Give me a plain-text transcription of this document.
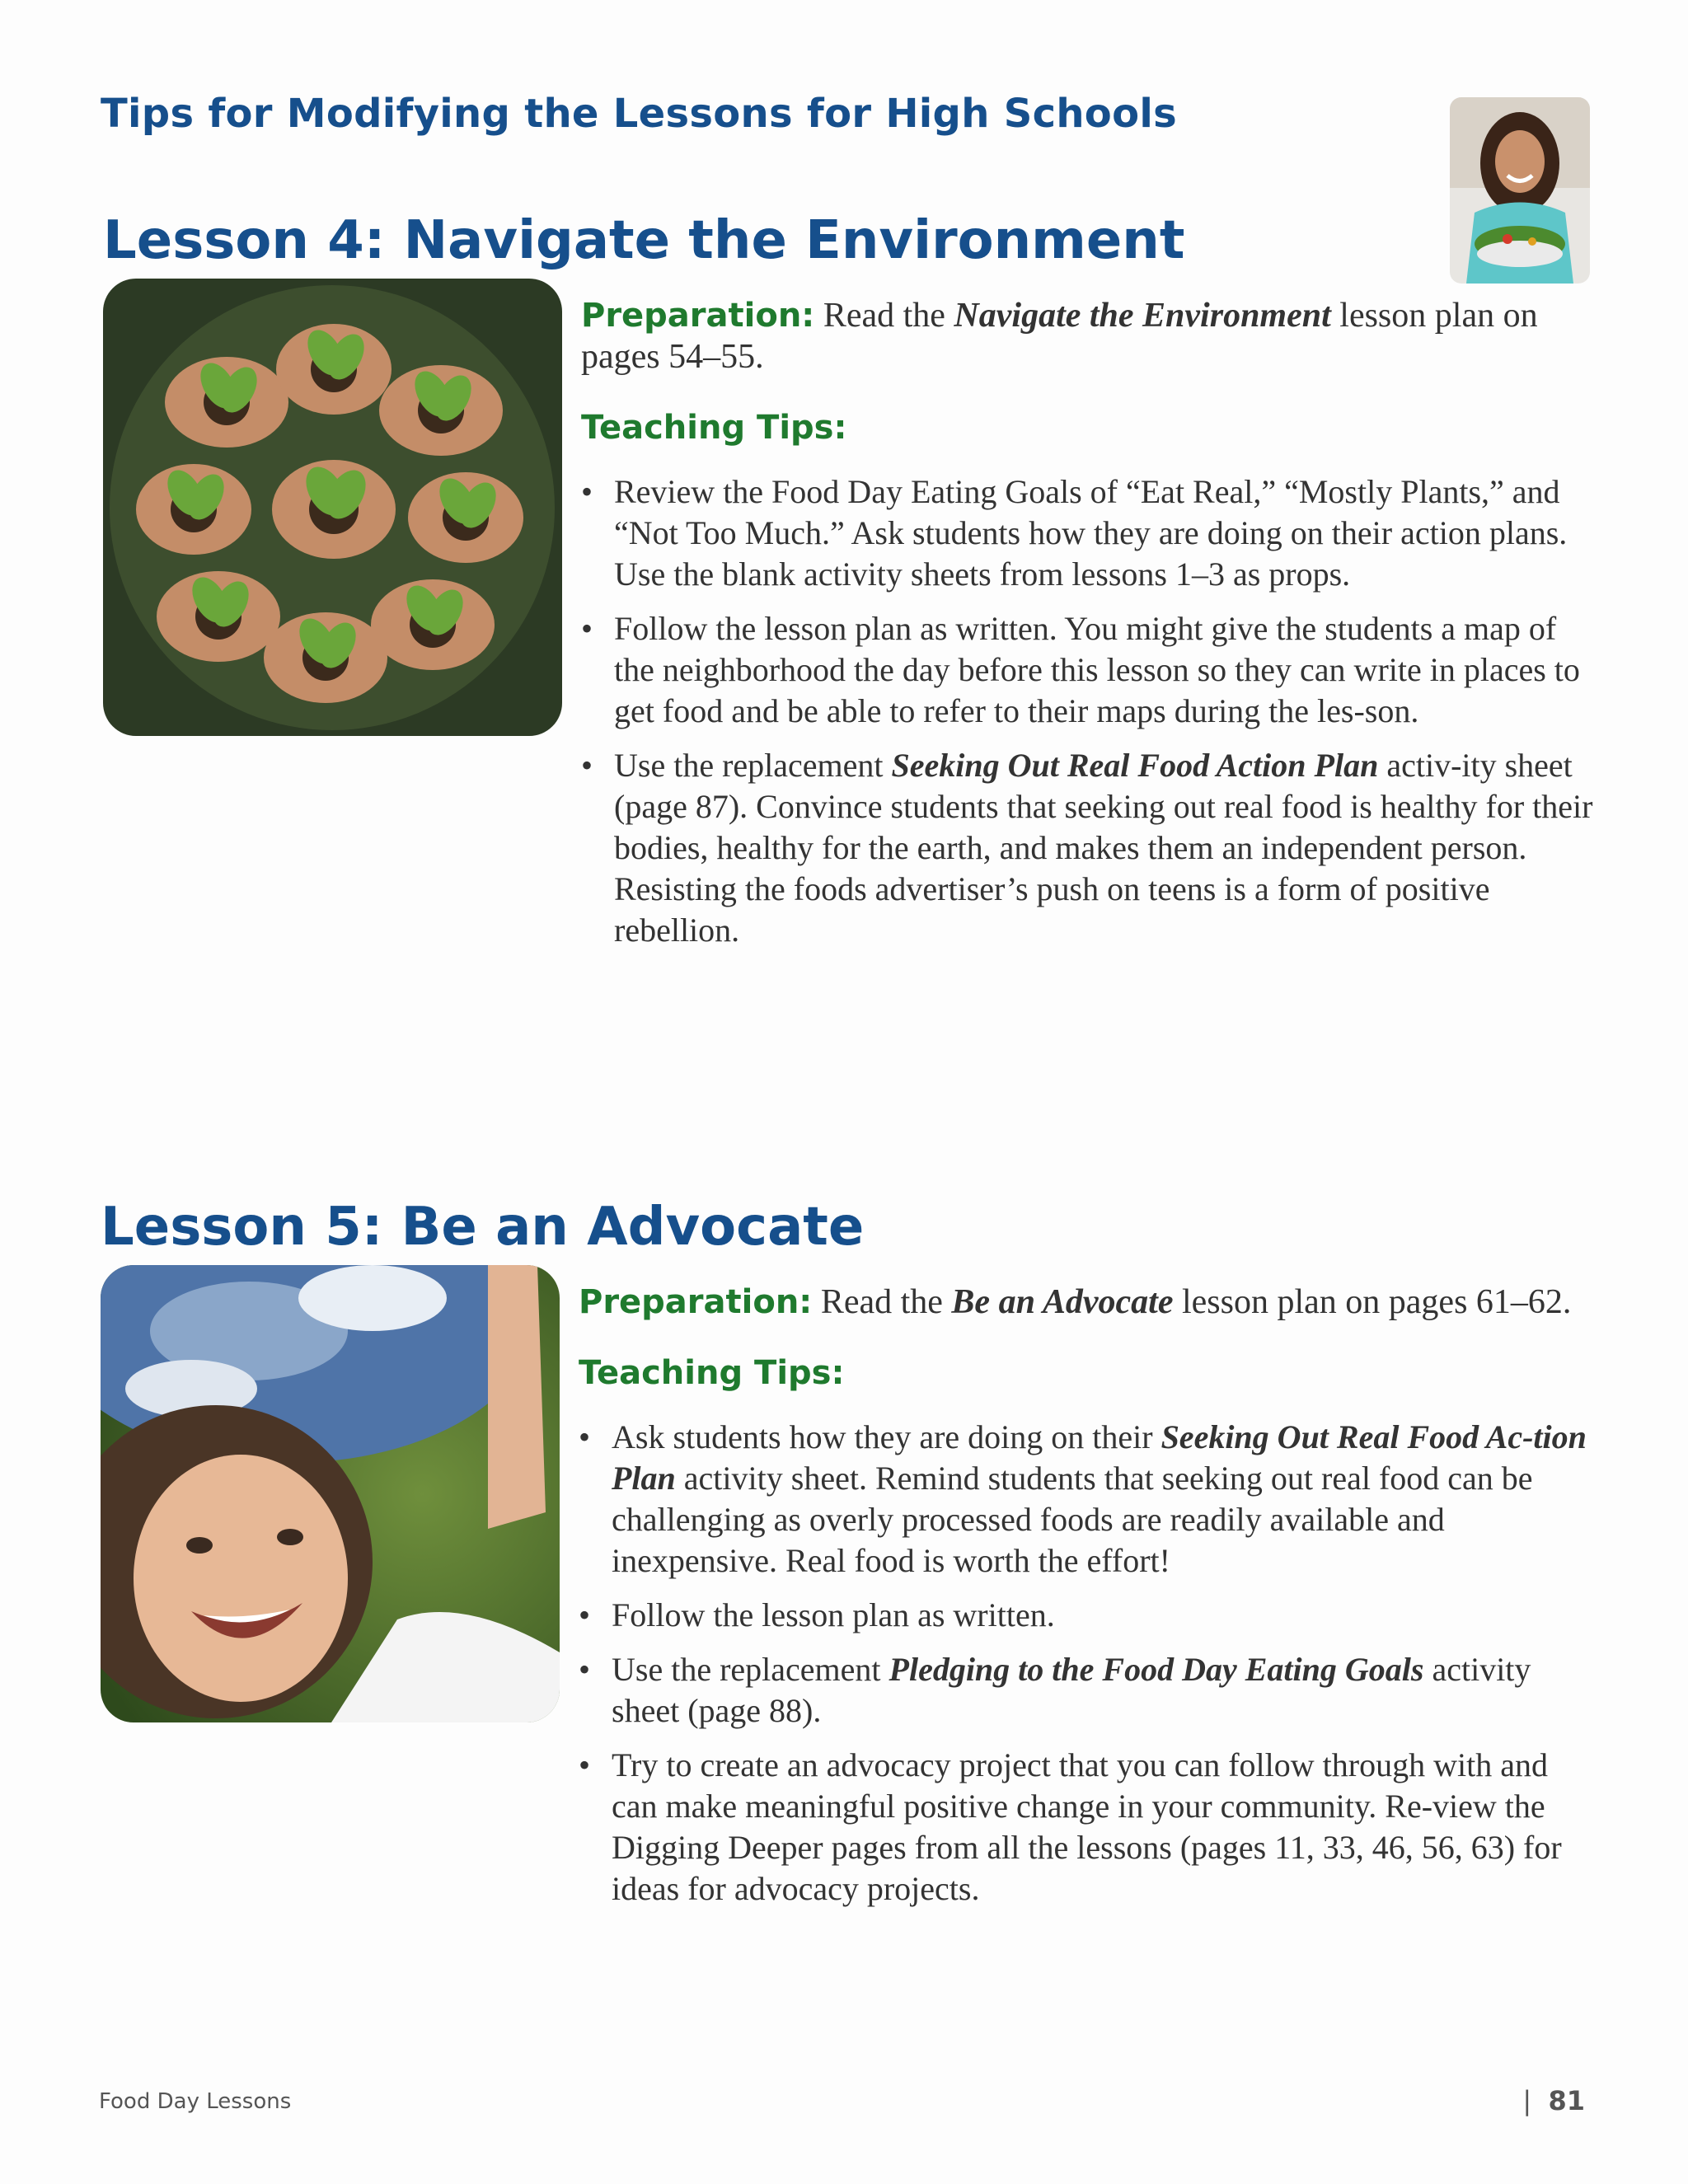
Tips for Modifying the Lessons for High Schools
Lesson 4: Navigate the Environment

Preparation: Read the Navigate the Environment lesson plan on pages 54–55.

Teaching Tips:
• Review the Food Day Eating Goals of “Eat Real,” “Mostly Plants,” and “Not Too Much.” Ask students how they are doing on their action plans. Use the blank activity sheets from lessons 1–3 as props.
• Follow the lesson plan as written. You might give the students a map of the neighborhood the day before this lesson so they can write in places to get food and be able to refer to their maps during the les-son.
• Use the replacement Seeking Out Real Food Action Plan activ-ity sheet (page 87). Convince students that seeking out real food is healthy for their bodies, healthy for the earth, and makes them an independent person. Resisting the foods advertiser’s push on teens is a form of positive rebellion.
Lesson 5: Be an Advocate

Preparation: Read the Be an Advocate lesson plan on pages 61–62.

Teaching Tips:
• Ask students how they are doing on their Seeking Out Real Food Ac-tion Plan activity sheet. Remind students that seeking out real food can be challenging as overly processed foods are readily available and inexpensive. Real food is worth the effort!
• Follow the lesson plan as written.
• Use the replacement Pledging to the Food Day Eating Goals activity sheet (page 88).
• Try to create an advocacy project that you can follow through with and can make meaningful positive change in your community. Re-view the Digging Deeper pages from all the lessons (pages 11, 33, 46, 56, 63) for ideas for advocacy projects.

Food Day Lessons	| 81
